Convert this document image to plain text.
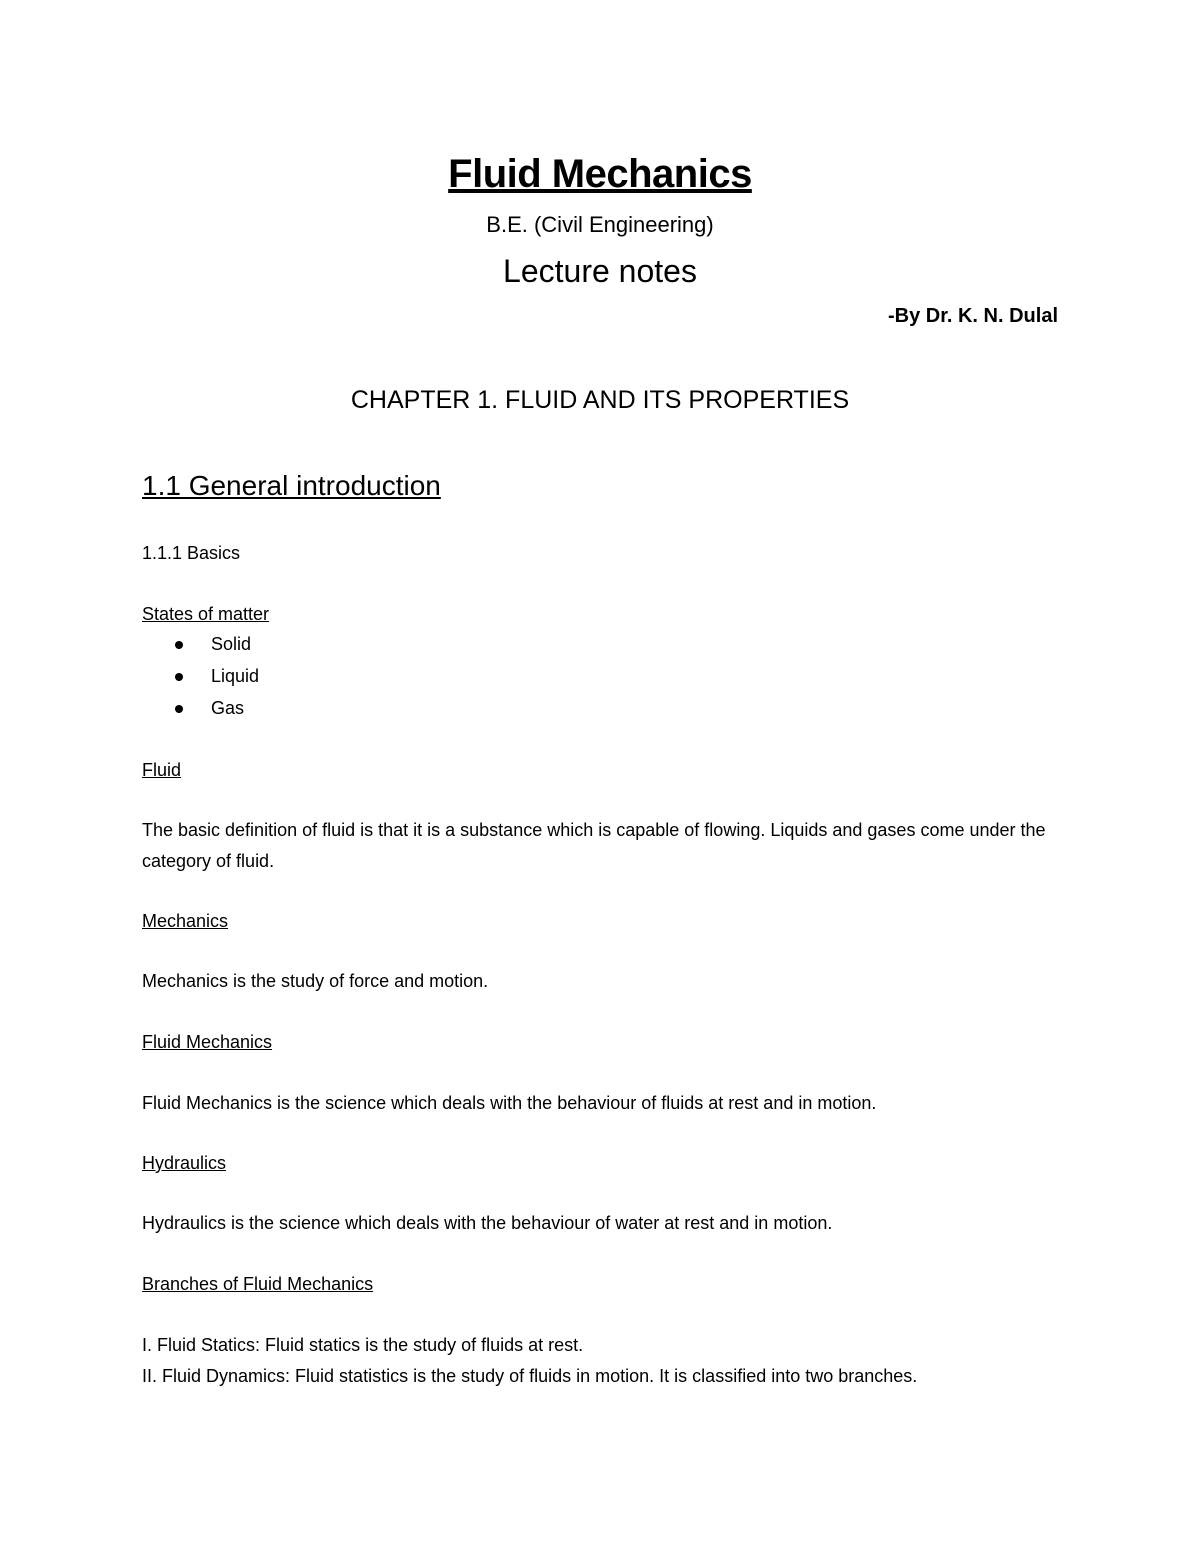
Fluid Mechanics
B.E. (Civil Engineering)
Lecture notes
-By Dr. K. N. Dulal
CHAPTER 1. FLUID AND ITS PROPERTIES
1.1 General introduction
1.1.1 Basics
States of matter
Solid
Liquid
Gas
Fluid
The basic definition of fluid is that it is a substance which is capable of flowing. Liquids and gases come under the category of fluid.
Mechanics
Mechanics is the study of force and motion.
Fluid Mechanics
Fluid Mechanics is the science which deals with the behaviour of fluids at rest and in motion.
Hydraulics
Hydraulics is the science which deals with the behaviour of water at rest and in motion.
Branches of Fluid Mechanics
I. Fluid Statics: Fluid statics is the study of fluids at rest.
II. Fluid Dynamics: Fluid statistics is the study of fluids in motion. It is classified into two branches.
